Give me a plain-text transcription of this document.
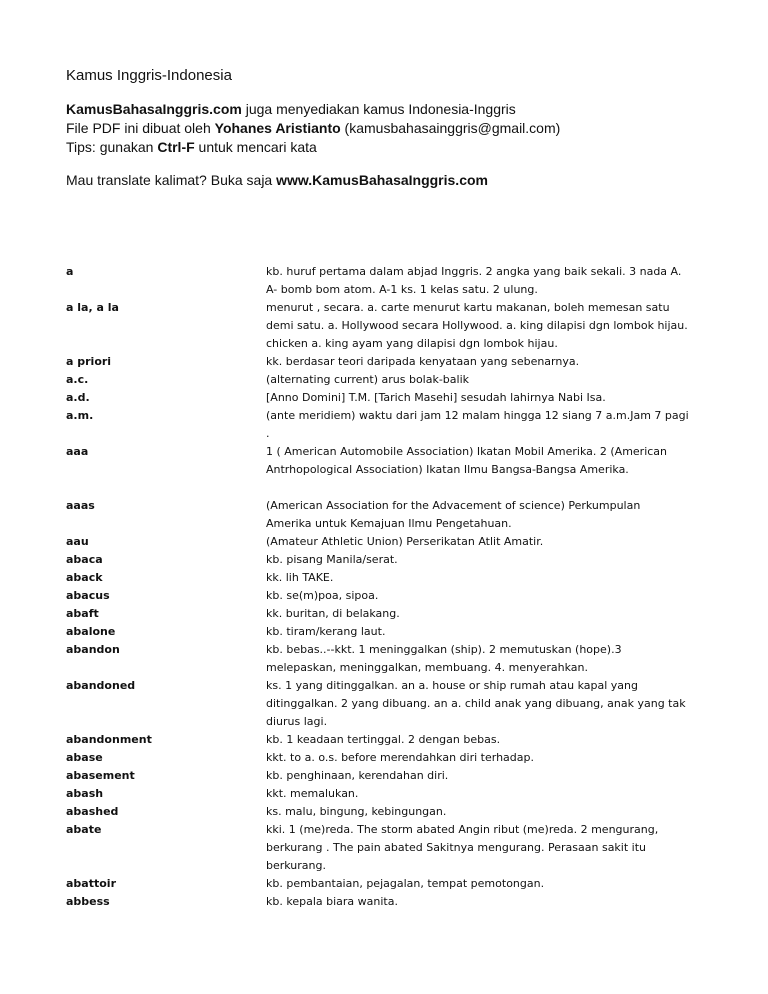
Kamus Inggris-Indonesia
KamusBahasaInggris.com juga menyediakan kamus Indonesia-Inggris
File PDF ini dibuat oleh Yohanes Aristianto (kamusbahasainggris@gmail.com)
Tips: gunakan Ctrl-F untuk mencari kata
Mau translate kalimat? Buka saja www.KamusBahasaInggris.com
a	kb. huruf pertama dalam abjad Inggris. 2 angka yang baik sekali. 3 nada A.
A- bomb bom atom. A-1 ks. 1 kelas satu. 2 ulung.
a la, a la	menurut , secara. a. carte menurut kartu makanan, boleh memesan satu
demi satu. a. Hollywood secara Hollywood. a. king dilapisi dgn lombok hijau.
chicken a. king ayam yang dilapisi dgn lombok hijau.
a priori	kk. berdasar teori daripada kenyataan yang sebenarnya.
a.c.	(alternating current) arus bolak-balik
a.d.	[Anno Domini] T.M. [Tarich Masehi] sesudah lahirnya Nabi Isa.
a.m.	(ante meridiem) waktu dari jam 12 malam hingga 12 siang 7 a.m.Jam 7 pagi
.
aaa	1 ( American Automobile Association) Ikatan Mobil Amerika. 2 (American
Antrhopological Association) Ikatan Ilmu Bangsa-Bangsa Amerika.
aaas	(American Association for the Advacement of science) Perkumpulan
Amerika untuk Kemajuan Ilmu Pengetahuan.
aau	(Amateur Athletic Union) Perserikatan Atlit Amatir.
abaca	kb. pisang Manila/serat.
aback	kk. lih TAKE.
abacus	kb. se(m)poa, sipoa.
abaft	kk. buritan, di belakang.
abalone	kb. tiram/kerang laut.
abandon	kb. bebas..--kkt. 1 meninggalkan (ship). 2 memutuskan (hope).3
melepaskan, meninggalkan, membuang. 4. menyerahkan.
abandoned	ks. 1 yang ditinggalkan. an a. house or ship rumah atau kapal yang
ditinggalkan. 2 yang dibuang. an a. child anak yang dibuang, anak yang tak
diurus lagi.
abandonment	kb. 1 keadaan tertinggal. 2 dengan bebas.
abase	kkt. to a. o.s. before merendahkan diri terhadap.
abasement	kb. penghinaan, kerendahan diri.
abash	kkt. memalukan.
abashed	ks. malu, bingung, kebingungan.
abate	kki. 1 (me)reda. The storm abated Angin ribut (me)reda. 2 mengurang,
berkurang . The pain abated Sakitnya mengurang. Perasaan sakit itu
berkurang.
abattoir	kb. pembantaian, pejagalan, tempat pemotongan.
abbess	kb. kepala biara wanita.
